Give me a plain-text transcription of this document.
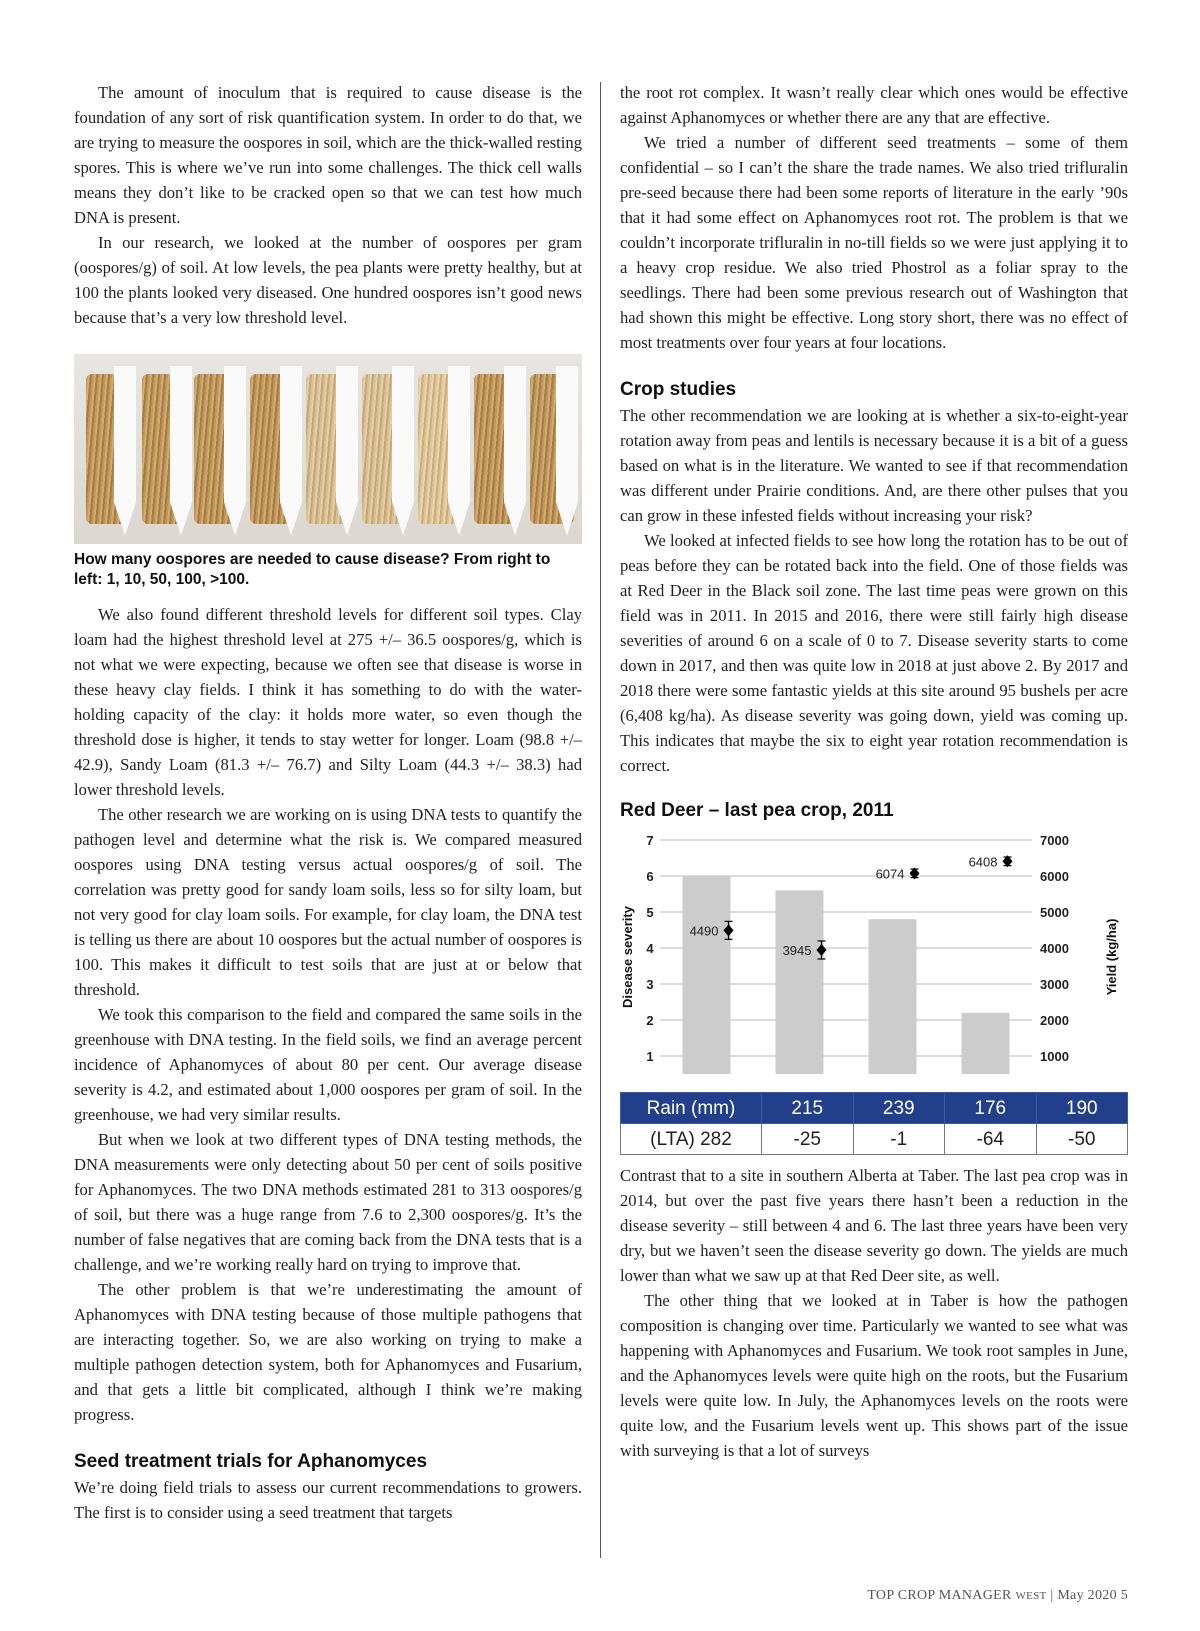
The amount of inoculum that is required to cause disease is the foundation of any sort of risk quantification system. In order to do that, we are trying to measure the oospores in soil, which are the thick-walled resting spores. This is where we’ve run into some challenges. The thick cell walls means they don’t like to be cracked open so that we can test how much DNA is present.

In our research, we looked at the number of oospores per gram (oospores/g) of soil. At low levels, the pea plants were pretty healthy, but at 100 the plants looked very diseased. One hundred oospores isn’t good news because that’s a very low threshold level.

How many oospores are needed to cause disease? From right to left: 1, 10, 50, 100, >100.

We also found different threshold levels for different soil types. Clay loam had the highest threshold level at 275 +/– 36.5 oospores/g, which is not what we were expecting, because we often see that disease is worse in these heavy clay fields. I think it has something to do with the water-holding capacity of the clay: it holds more water, so even though the threshold dose is higher, it tends to stay wetter for longer. Loam (98.8 +/– 42.9), Sandy Loam (81.3 +/– 76.7) and Silty Loam (44.3 +/– 38.3) had lower threshold levels.

The other research we are working on is using DNA tests to quantify the pathogen level and determine what the risk is. We compared measured oospores using DNA testing versus actual oospores/g of soil. The correlation was pretty good for sandy loam soils, less so for silty loam, but not very good for clay loam soils. For example, for clay loam, the DNA test is telling us there are about 10 oospores but the actual number of oospores is 100. This makes it difficult to test soils that are just at or below that threshold.

We took this comparison to the field and compared the same soils in the greenhouse with DNA testing. In the field soils, we find an average percent incidence of Aphanomyces of about 80 per cent. Our average disease severity is 4.2, and estimated about 1,000 oospores per gram of soil. In the greenhouse, we had very similar results.

But when we look at two different types of DNA testing methods, the DNA measurements were only detecting about 50 per cent of soils positive for Aphanomyces. The two DNA methods estimated 281 to 313 oospores/g of soil, but there was a huge range from 7.6 to 2,300 oospores/g. It’s the number of false negatives that are coming back from the DNA tests that is a challenge, and we’re working really hard on trying to improve that.

The other problem is that we’re underestimating the amount of Aphanomyces with DNA testing because of those multiple pathogens that are interacting together. So, we are also working on trying to make a multiple pathogen detection system, both for Aphanomyces and Fusarium, and that gets a little bit complicated, although I think we’re making progress.

Seed treatment trials for Aphanomyces

We’re doing field trials to assess our current recommendations to growers. The first is to consider using a seed treatment that targets

the root rot complex. It wasn’t really clear which ones would be effective against Aphanomyces or whether there are any that are effective.

We tried a number of different seed treatments – some of them confidential – so I can’t the share the trade names. We also tried trifluralin pre-seed because there had been some reports of literature in the early ’90s that it had some effect on Aphanomyces root rot. The problem is that we couldn’t incorporate trifluralin in no-till fields so we were just applying it to a heavy crop residue. We also tried Phostrol as a foliar spray to the seedlings. There had been some previous research out of Washington that had shown this might be effective. Long story short, there was no effect of most treatments over four years at four locations.

Crop studies

The other recommendation we are looking at is whether a six-to-eight-year rotation away from peas and lentils is necessary because it is a bit of a guess based on what is in the literature. We wanted to see if that recommendation was different under Prairie conditions. And, are there other pulses that you can grow in these infested fields without increasing your risk?

We looked at infected fields to see how long the rotation has to be out of peas before they can be rotated back into the field. One of those fields was at Red Deer in the Black soil zone. The last time peas were grown on this field was in 2011. In 2015 and 2016, there were still fairly high disease severities of around 6 on a scale of 0 to 7. Disease severity starts to come down in 2017, and then was quite low in 2018 at just above 2. By 2017 and 2018 there were some fantastic yields at this site around 95 bushels per acre (6,408 kg/ha). As disease severity was going down, yield was coming up. This indicates that maybe the six to eight year rotation recommendation is correct.

Red Deer – last pea crop, 2011
1	1000
2	2000
3	3000
4	4000
5	5000
6	6000
7	7000
4490
3945
6074
6408
Disease severity	Yield (kg/ha)
Rain (mm)	215	239	176	190
(LTA) 282	-25	-1	-64	-50

Contrast that to a site in southern Alberta at Taber. The last pea crop was in 2014, but over the past five years there hasn’t been a reduction in the disease severity – still between 4 and 6. The last three years have been very dry, but we haven’t seen the disease severity go down. The yields are much lower than what we saw up at that Red Deer site, as well.

The other thing that we looked at in Taber is how the pathogen composition is changing over time. Particularly we wanted to see what was happening with Aphanomyces and Fusarium. We took root samples in June, and the Aphanomyces levels were quite high on the roots, but the Fusarium levels were quite low. In July, the Aphanomyces levels on the roots were quite low, and the Fusarium levels went up. This shows part of the issue with surveying is that a lot of surveys

TOP CROP MANAGER WEST | May 2020 5
